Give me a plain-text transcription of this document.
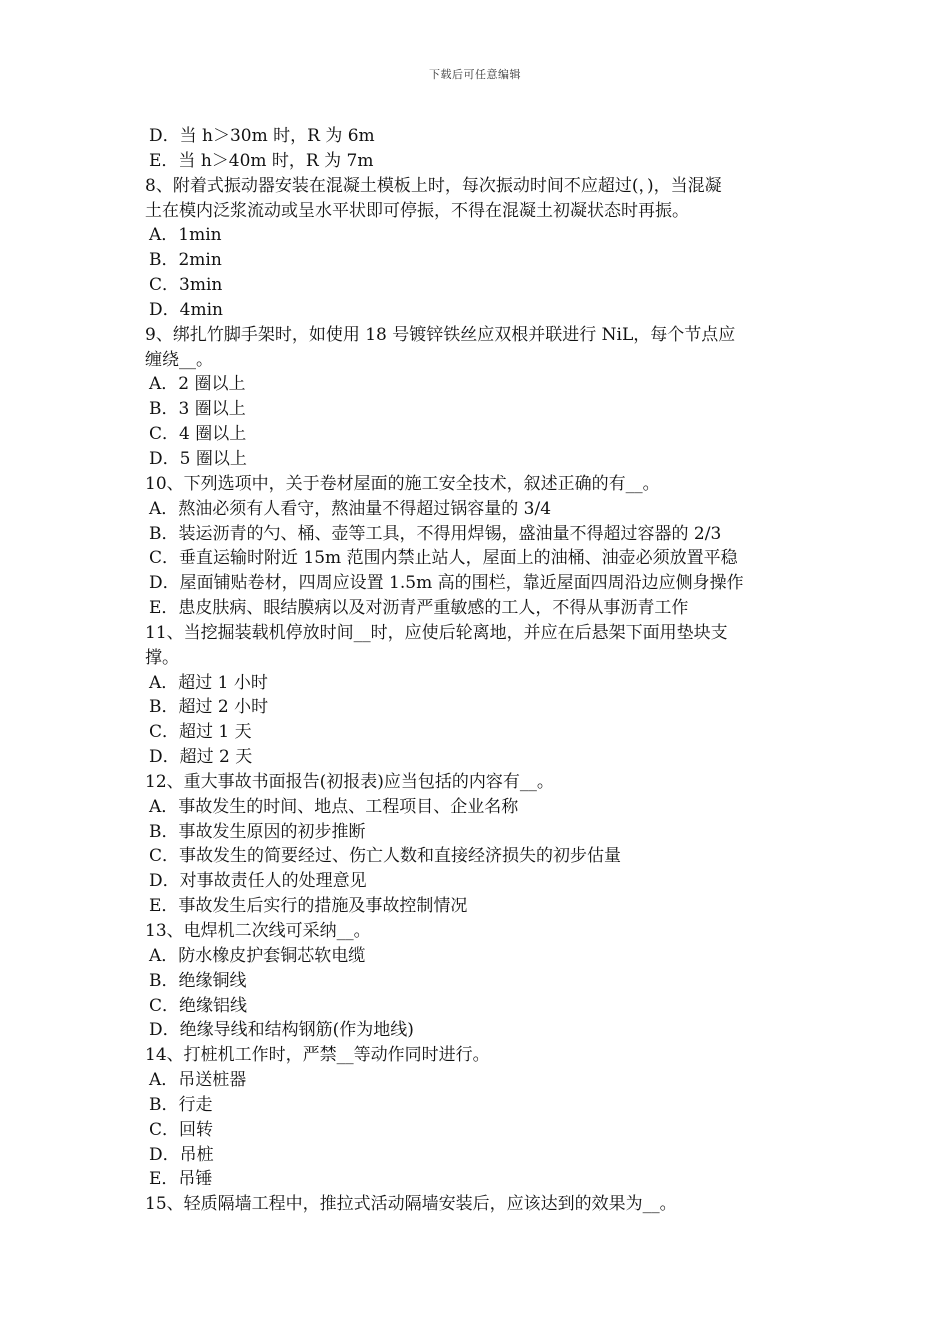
下载后可任意编辑
D．当 h＞30m 时，R 为 6m
E．当 h＞40m 时，R 为 7m
8、附着式振动器安装在混凝土模板上时，每次振动时间不应超过(，)，当混凝
土在模内泛浆流动或呈水平状即可停振，不得在混凝土初凝状态时再振。
A．1min
B．2min
C．3min
D．4min
9、绑扎竹脚手架时，如使用 18 号镀锌铁丝应双根并联进行 NiL，每个节点应
缠绕__。
A．2 圈以上
B．3 圈以上
C．4 圈以上
D．5 圈以上
10、下列选项中，关于卷材屋面的施工安全技术，叙述正确的有__。
A．熬油必须有人看守，熬油量不得超过锅容量的 3/4
B．装运沥青的勺、桶、壶等工具，不得用焊锡，盛油量不得超过容器的 2/3
C．垂直运输时附近 15m 范围内禁止站人，屋面上的油桶、油壶必须放置平稳
D．屋面铺贴卷材，四周应设置 1.5m 高的围栏，靠近屋面四周沿边应侧身操作
E．患皮肤病、眼结膜病以及对沥青严重敏感的工人，不得从事沥青工作
11、当挖掘装载机停放时间__时，应使后轮离地，并应在后悬架下面用垫块支
撑。
A．超过 1 小时
B．超过 2 小时
C．超过 1 天
D．超过 2 天
12、重大事故书面报告(初报表)应当包括的内容有__。
A．事故发生的时间、地点、工程项目、企业名称
B．事故发生原因的初步推断
C．事故发生的简要经过、伤亡人数和直接经济损失的初步估量
D．对事故责任人的处理意见
E．事故发生后实行的措施及事故控制情况
13、电焊机二次线可采纳__。
A．防水橡皮护套铜芯软电缆
B．绝缘铜线
C．绝缘铝线
D．绝缘导线和结构钢筋(作为地线)
14、打桩机工作时，严禁__等动作同时进行。
A．吊送桩器
B．行走
C．回转
D．吊桩
E．吊锤
15、轻质隔墙工程中，推拉式活动隔墙安装后，应该达到的效果为__。
